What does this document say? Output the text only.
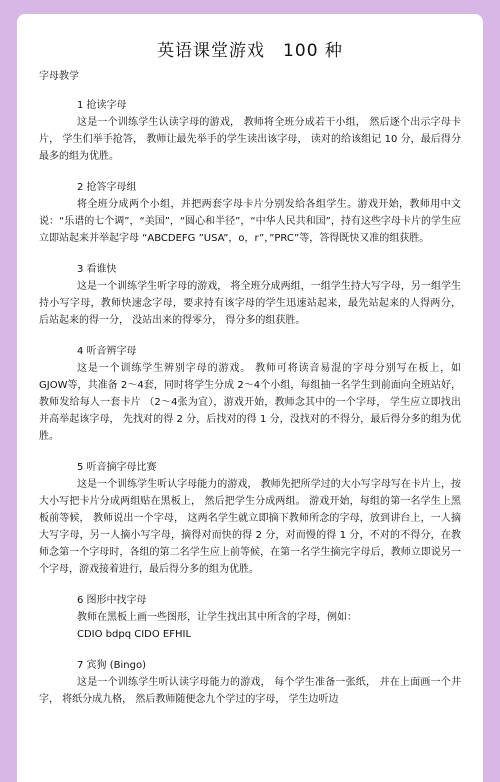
英语课堂游戏　100 种
字母教学
1 抢读字母

这是一个训练学生认读字母的游戏， 教师将全班分成若干小组， 然后逐个出示字母卡片， 学生们举手抢答， 教师让最先举手的学生读出该字母， 读对的给该组记 10 分，最后得分最多的组为优胜。

2 抢答字母组

将全班分成两个小组，并把两套字母卡片分别发给各组学生。游戏开始，教师用中文说：“乐谱的七个调”，“美国”，“圆心和半径”，“中华人民共和国”，持有这些字母卡片的学生应立即站起来并举起字母 “ABCDEFG ”USA”，o，r”，”PRC”等，答得既快又准的组获胜。

3 看谁快

这是一个训练学生听字母的游戏， 将全班分成两组，一组学生持大写字母，另一组学生持小写字母，教师快速念字母，要求持有该字母的学生迅速站起来，最先站起来的人得两分， 后站起来的得一分， 没站出来的得零分， 得分多的组获胜。

4 听音辨字母

这是一个训练学生辨别字母的游戏。 教师可将读音易混的字母分别写在板上，如 GJOW等，共准备 2～4套，同时将学生分成 2～4个小组，每组抽一名学生到前面向全班站好，教师发给每人一套卡片 （2～4张为宜），游戏开始，教师念其中的一个字母， 学生应立即找出并高举起该字母， 先找对的得 2 分，后找对的得 1 分，没找对的不得分，最后得分多的组为优胜。

5 听音摘字母比赛

这是一个训练学生听认字母能力的游戏， 教师先把所学过的大小写字母写在卡片上，按大小写把卡片分成两组贴在黑板上， 然后把学生分成两组。 游戏开始，每组的第一名学生上黑板前等候， 教师说出一个字母， 这两名学生就立即摘下教师所念的字母，放到讲台上，一人摘大写字母，另一人摘小写字母，摘得对而快的得 2 分，对而慢的得 1 分，不对的不得分，在教师念第一个字母时，各组的第二名学生应上前等候，在第一名学生摘完字母后，教师立即说另一个字母，游戏接着进行，最后得分多的组为优胜。

6 图形中找字母

教师在黑板上画一些图形，让学生找出其中所含的字母，例如：

CDIO bdpq CIDO EFHIL
7 宾狗 (Bingo)

这是一个训练学生听认读字母能力的游戏， 每个学生准备一张纸， 并在上面画一个井字， 将纸分成九格， 然后教师随便念九个学过的字母， 学生边听边
